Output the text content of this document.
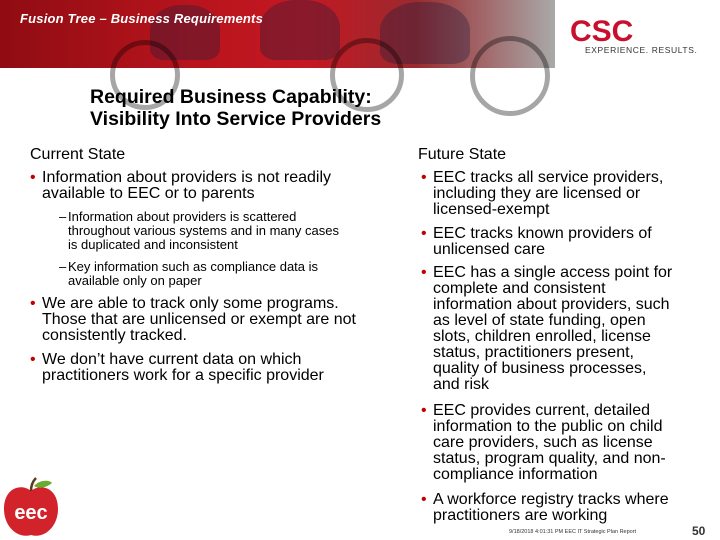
Fusion Tree – Business Requirements	CSC
EXPERIENCE. RESULTS.
Required Business Capability:
Visibility Into Service Providers
Current State
• Information about providers is not readily
available to EEC or to parents
– Information about providers is scattered
throughout various systems and in many cases
is duplicated and inconsistent
– Key information such as compliance data is
available only on paper
• We are able to track only some programs.
Those that are unlicensed or exempt are not
consistently tracked.
• We don’t have current data on which
practitioners work for a specific provider
Future State
• EEC tracks all service providers,
including they are licensed or
licensed-exempt
• EEC tracks known providers of
unlicensed care
• EEC has a single access point for
complete and consistent
information about providers, such
as level of state funding, open
slots, children enrolled, license
status, practitioners present,
quality of business processes,
and risk
• EEC provides current, detailed
information to the public on child
care providers, such as license
status, program quality, and non-
compliance information
• A workforce registry tracks where
practitioners are working
eec
9/18/2018 4:01:31 PM EEC IT Strategic Plan Report	50
